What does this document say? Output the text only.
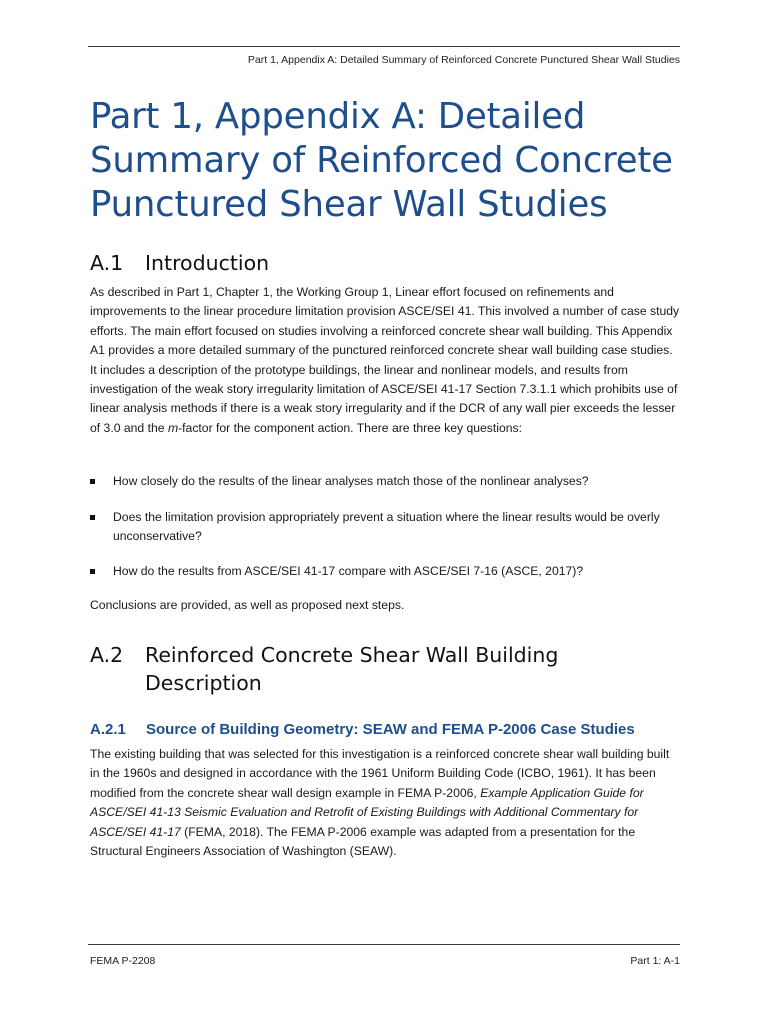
Part 1, Appendix A: Detailed Summary of Reinforced Concrete Punctured Shear Wall Studies
Part 1, Appendix A: Detailed
Summary of Reinforced Concrete
Punctured Shear Wall Studies
A.1 Introduction

As described in Part 1, Chapter 1, the Working Group 1, Linear effort focused on refinements and improvements to the linear procedure limitation provision ASCE/SEI 41. This involved a number of case study efforts. The main effort focused on studies involving a reinforced concrete shear wall building. This Appendix A1 provides a more detailed summary of the punctured reinforced concrete shear wall building case studies. It includes a description of the prototype buildings, the linear and nonlinear models, and results from investigation of the weak story irregularity limitation of ASCE/SEI 41-17 Section 7.3.1.1 which prohibits use of linear analysis methods if there is a weak story irregularity and if the DCR of any wall pier exceeds the lesser of 3.0 and the m-factor for the component action. There are three key questions:

How closely do the results of the linear analyses match those of the nonlinear analyses?
Does the limitation provision appropriately prevent a situation where the linear results would be overly unconservative?
How do the results from ASCE/SEI 41-17 compare with ASCE/SEI 7-16 (ASCE, 2017)?

Conclusions are provided, as well as proposed next steps.

A.2 Reinforced Concrete Shear Wall Building
Description
A.2.1 Source of Building Geometry: SEAW and FEMA P-2006 Case Studies

The existing building that was selected for this investigation is a reinforced concrete shear wall building built in the 1960s and designed in accordance with the 1961 Uniform Building Code (ICBO, 1961). It has been modified from the concrete shear wall design example in FEMA P-2006, Example Application Guide for ASCE/SEI 41-13 Seismic Evaluation and Retrofit of Existing Buildings with Additional Commentary for ASCE/SEI 41-17 (FEMA, 2018). The FEMA P-2006 example was adapted from a presentation for the Structural Engineers Association of Washington (SEAW).

FEMA P-2208	Part 1: A-1
